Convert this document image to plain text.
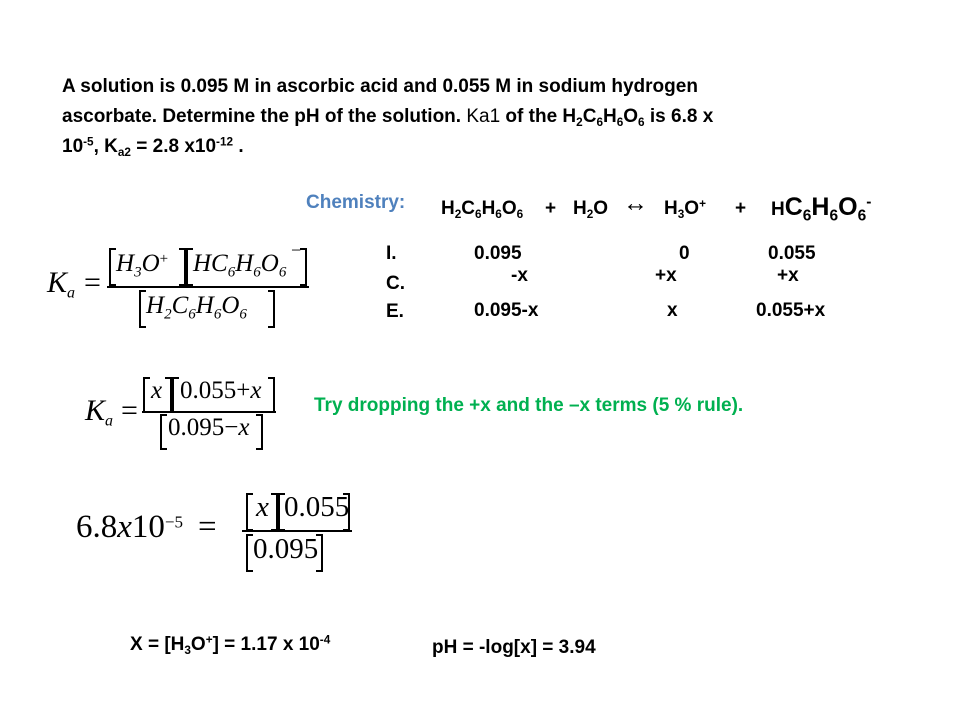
A solution is 0.095 M in ascorbic acid and 0.055 M in sodium hydrogen
ascorbate. Determine the pH of the solution. Ka1 of the $H_2C_6H_6O_6$ is 6.8 x
$10^{-5}$, $K_{a2} = 2.8$ $x10^{-12}$ .
Chemistry: $H_2C_6H_6O_6 + H_2O$ ↔ $H_3O^+ + HC_6H_6O_6^-$
I.
C.
E.
0.095	0	0.055
-x	+x	+x
0.095-x	x	0.055+x
$K_a$ =
$H_3O^+$ $HC_6H_6O_6$
−
$H_2C_6H_6O_6$
$K_a$ =
x 0.055+x
0.095−x
Try dropping the +x and the –x terms (5 % rule).
$6.8x10^{-5}$ =
x 0.055
0.095
$X = [H_3O^+] = 1.17$ x $10^{-4}$	pH = -log[x] = 3.94
